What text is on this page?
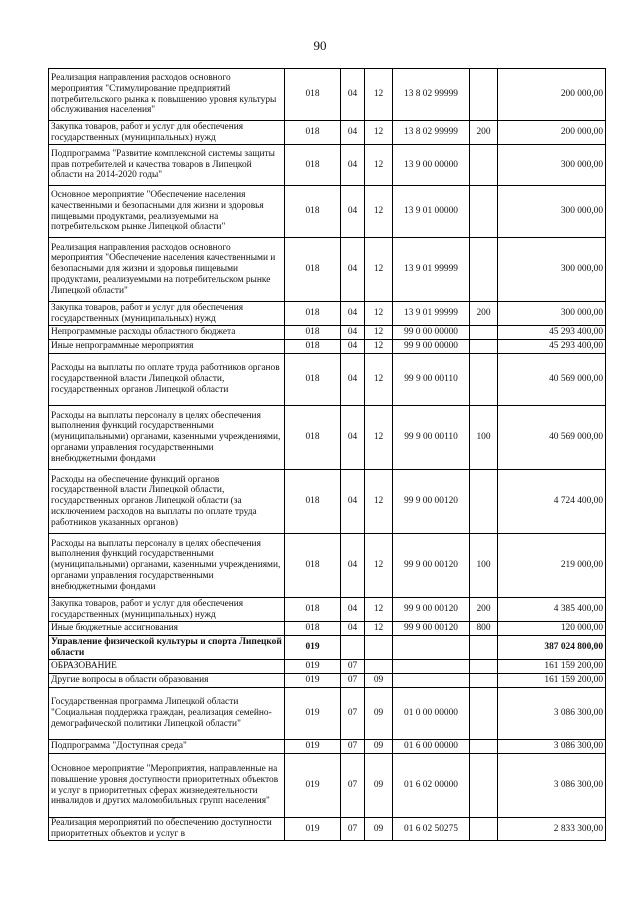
90
Реализация направления расходов основного мероприятия "Стимулирование предприятий потребительского рынка к повышению уровня культуры обслуживания населения"	018	04	12	13 8 02 99999		200 000,00
Закупка товаров, работ и услуг для обеспечения государственных (муниципальных) нужд	018	04	12	13 8 02 99999	200	200 000,00
Подпрограмма "Развитие комплексной системы защиты прав потребителей и качества товаров в Липецкой области на 2014-2020 годы"	018	04	12	13 9 00 00000		300 000,00
Основное мероприятие "Обеспечение населения качественными и безопасными для жизни и здоровья пищевыми продуктами, реализуемыми на потребительском рынке Липецкой области"	018	04	12	13 9 01 00000		300 000,00
Реализация направления расходов основного мероприятия "Обеспечение населения качественными и безопасными для жизни и здоровья пищевыми продуктами, реализуемыми на потребительском рынке Липецкой области"	018	04	12	13 9 01 99999		300 000,00
Закупка товаров, работ и услуг для обеспечения государственных (муниципальных) нужд	018	04	12	13 9 01 99999	200	300 000,00
Непрограммные расходы областного бюджета	018	04	12	99 0 00 00000		45 293 400,00
Иные непрограммные мероприятия	018	04	12	99 9 00 00000		45 293 400,00
Расходы на выплаты по оплате труда работников органов государственной власти Липецкой области, государственных органов Липецкой области	018	04	12	99 9 00 00110		40 569 000,00
Расходы на выплаты персоналу в целях обеспечения выполнения функций государственными (муниципальными) органами, казенными учреждениями, органами управления государственными внебюджетными фондами	018	04	12	99 9 00 00110	100	40 569 000,00
Расходы на обеспечение функций органов государственной власти Липецкой области, государственных органов Липецкой области (за исключением расходов на выплаты по оплате труда работников указанных органов)	018	04	12	99 9 00 00120		4 724 400,00
Расходы на выплаты персоналу в целях обеспечения выполнения функций государственными (муниципальными) органами, казенными учреждениями, органами управления государственными внебюджетными фондами	018	04	12	99 9 00 00120	100	219 000,00
Закупка товаров, работ и услуг для обеспечения государственных (муниципальных) нужд	018	04	12	99 9 00 00120	200	4 385 400,00
Иные бюджетные ассигнования	018	04	12	99 9 00 00120	800	120 000,00
Управление физической культуры и спорта Липецкой области	019					387 024 800,00
ОБРАЗОВАНИЕ	019	07				161 159 200,00
Другие вопросы в области образования	019	07	09			161 159 200,00
Государственная программа Липецкой области "Социальная поддержка граждан, реализация семейно-демографической политики Липецкой области"	019	07	09	01 0 00 00000		3 086 300,00
Подпрограмма "Доступная среда"	019	07	09	01 6 00 00000		3 086 300,00
Основное мероприятие "Мероприятия, направленные на повышение уровня доступности приоритетных объектов и услуг в приоритетных сферах жизнедеятельности инвалидов и других маломобильных групп населения"	019	07	09	01 6 02 00000		3 086 300,00
Реализация мероприятий по обеспечению доступности приоритетных объектов и услуг в	019	07	09	01 6 02 50275		2 833 300,00
